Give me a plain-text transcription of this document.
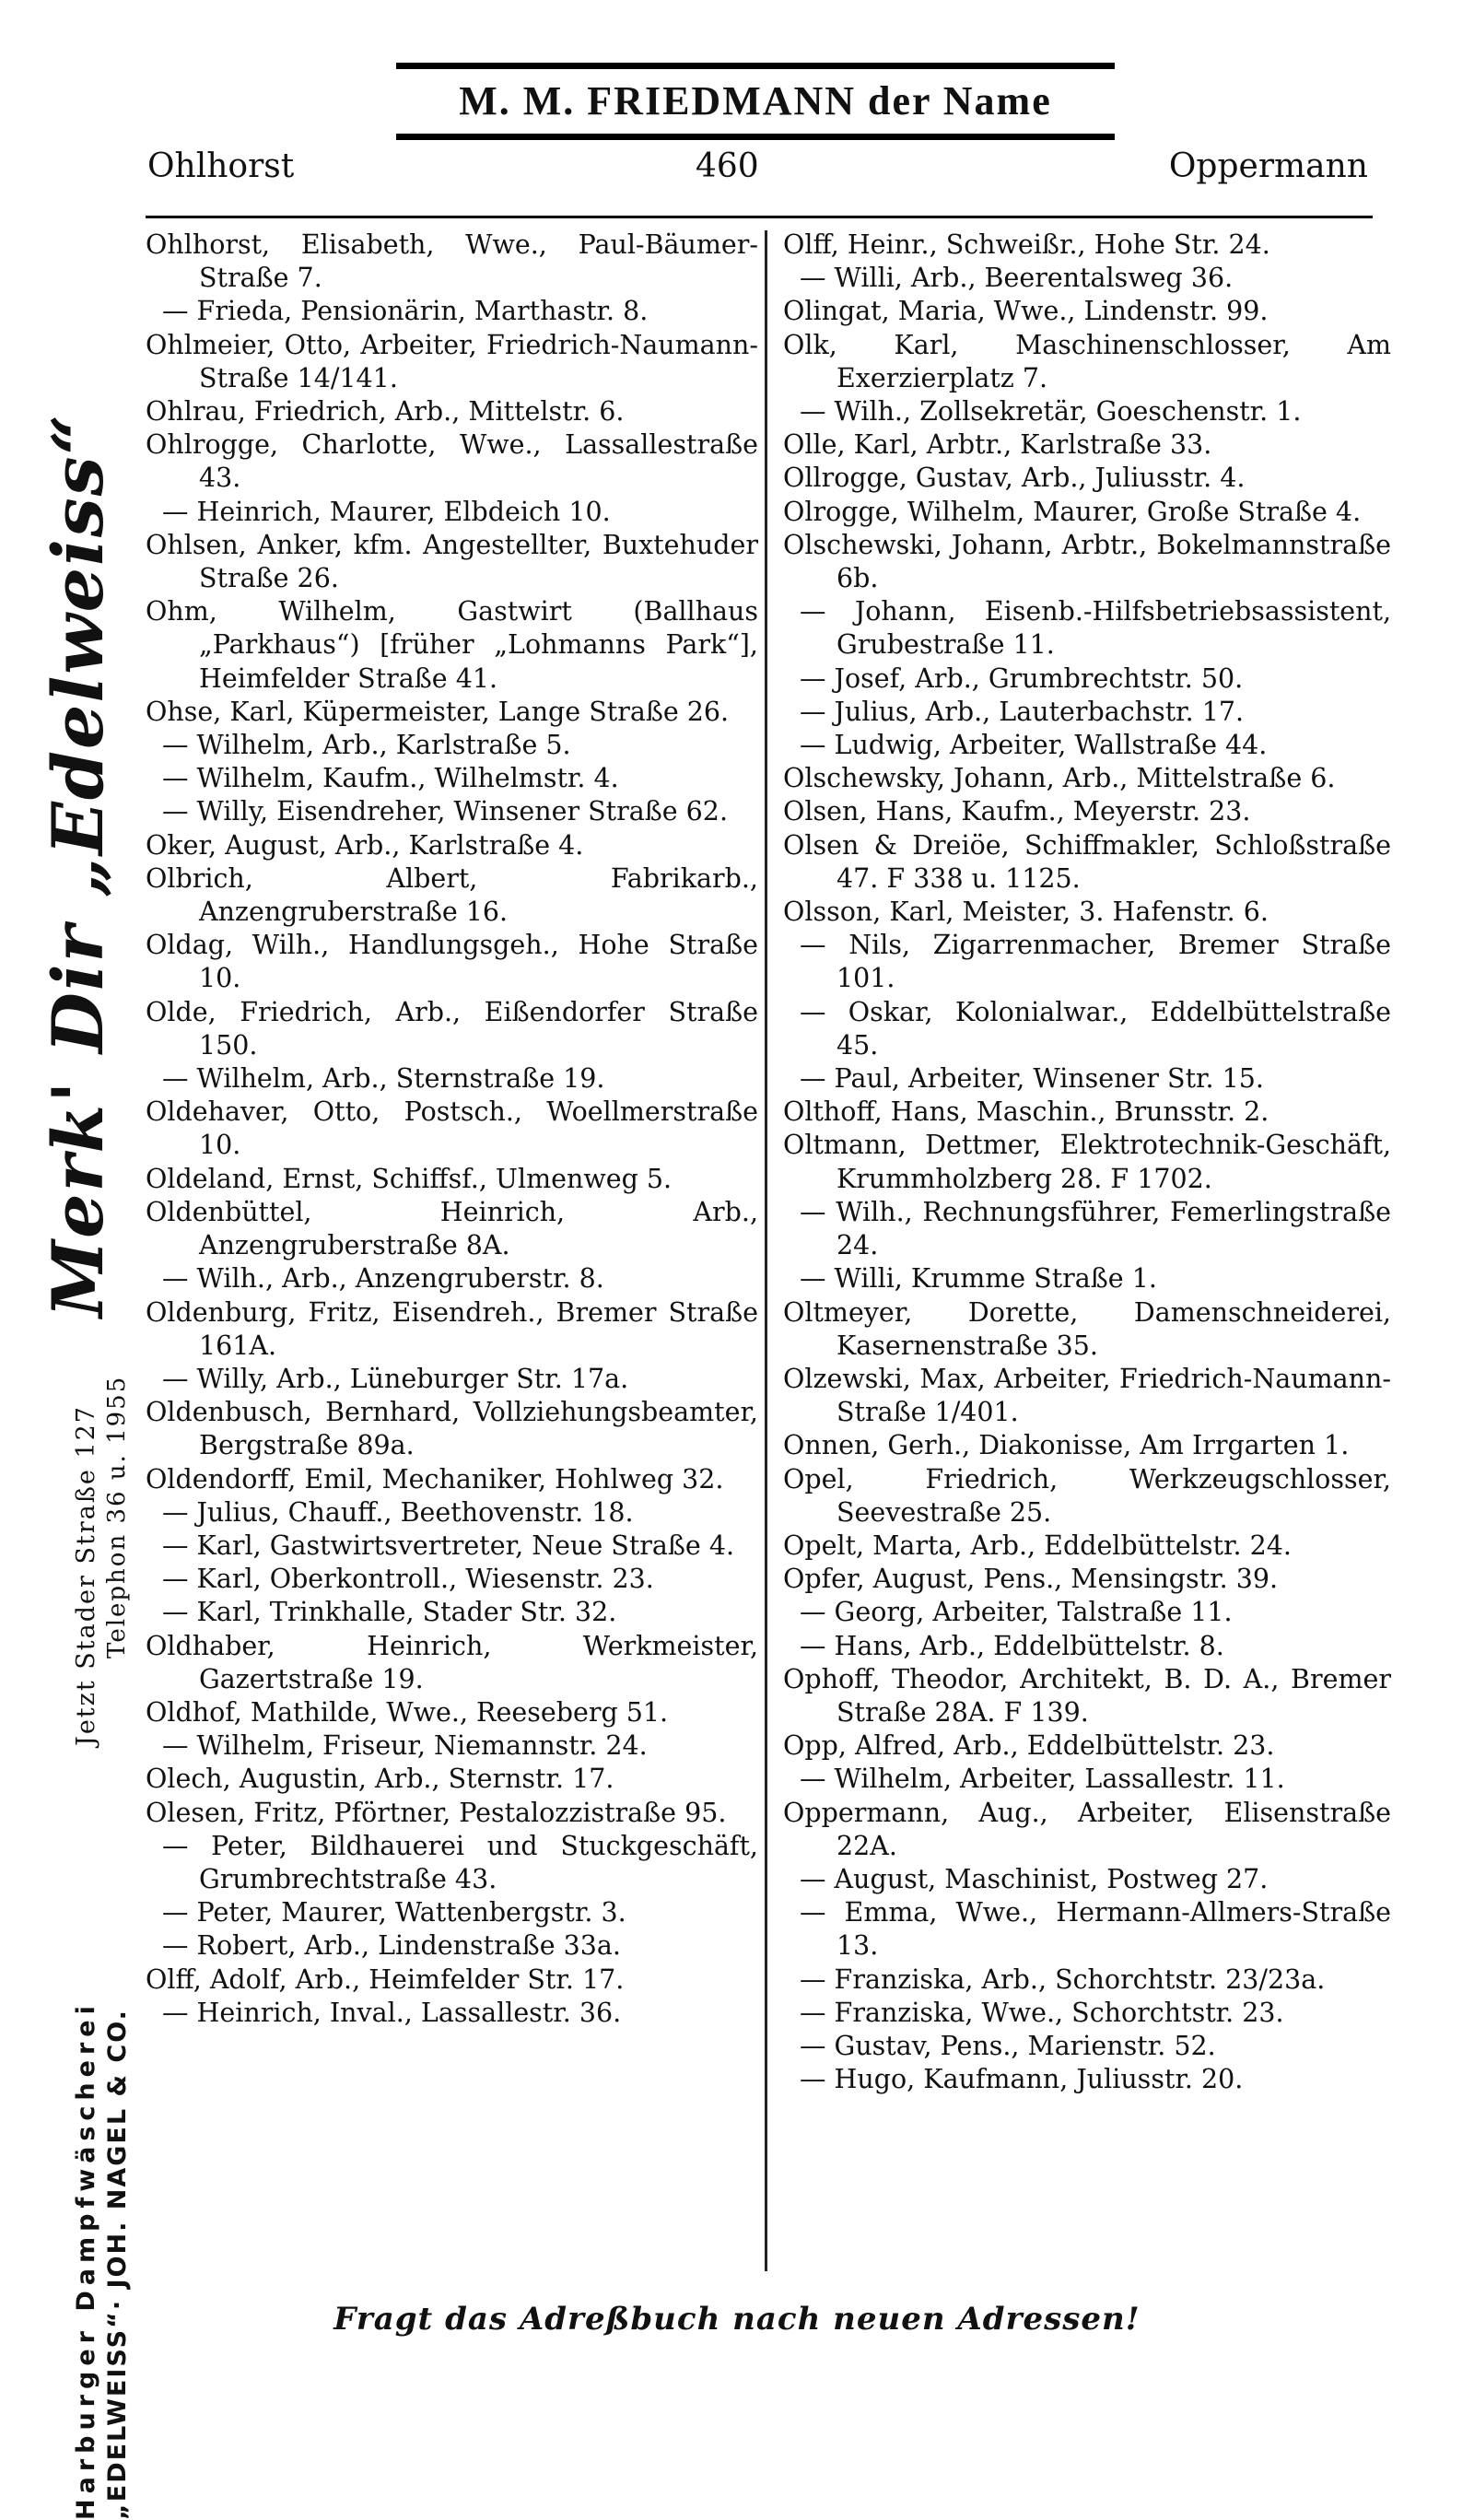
M. M. FRIEDMANN der Name
Ohlhorst	460	Oppermann
Harburger Dampfwäscherei „EDELWEISS“· JOH. NAGEL & CO.
Jetzt Stader Straße 127 Telephon 36 u. 1955
Merk' Dir „Edelweiss“

Ohlhorst, Elisabeth, Wwe., Paul-Bäumer-Straße 7.

— Frieda, Pensionärin, Marthastr. 8.

Ohlmeier, Otto, Arbeiter, Friedrich-Naumann-Straße 14/141.

Ohlrau, Friedrich, Arb., Mittelstr. 6.

Ohlrogge, Charlotte, Wwe., Lassallestraße 43.

— Heinrich, Maurer, Elbdeich 10.

Ohlsen, Anker, kfm. Angestellter, Buxtehuder Straße 26.

Ohm, Wilhelm, Gastwirt (Ballhaus „Parkhaus“) [früher „Lohmanns Park“], Heimfelder Straße 41.

Ohse, Karl, Küpermeister, Lange Straße 26.

— Wilhelm, Arb., Karlstraße 5.

— Wilhelm, Kaufm., Wilhelmstr. 4.

— Willy, Eisendreher, Winsener Straße 62.

Oker, August, Arb., Karlstraße 4.

Olbrich, Albert, Fabrikarb., Anzengruberstraße 16.

Oldag, Wilh., Handlungsgeh., Hohe Straße 10.

Olde, Friedrich, Arb., Eißendorfer Straße 150.

— Wilhelm, Arb., Sternstraße 19.

Oldehaver, Otto, Postsch., Woellmerstraße 10.

Oldeland, Ernst, Schiffsf., Ulmenweg 5.

Oldenbüttel, Heinrich, Arb., Anzengruberstraße 8A.

— Wilh., Arb., Anzengruberstr. 8.

Oldenburg, Fritz, Eisendreh., Bremer Straße 161A.

— Willy, Arb., Lüneburger Str. 17a.

Oldenbusch, Bernhard, Vollziehungsbeamter, Bergstraße 89a.

Oldendorff, Emil, Mechaniker, Hohlweg 32.

— Julius, Chauff., Beethovenstr. 18.

— Karl, Gastwirtsvertreter, Neue Straße 4.

— Karl, Oberkontroll., Wiesenstr. 23.

— Karl, Trinkhalle, Stader Str. 32.

Oldhaber, Heinrich, Werkmeister, Gazertstraße 19.

Oldhof, Mathilde, Wwe., Reeseberg 51.

— Wilhelm, Friseur, Niemannstr. 24.

Olech, Augustin, Arb., Sternstr. 17.

Olesen, Fritz, Pförtner, Pestalozzistraße 95.

— Peter, Bildhauerei und Stuckgeschäft, Grumbrechtstraße 43.

— Peter, Maurer, Wattenbergstr. 3.

— Robert, Arb., Lindenstraße 33a.

Olff, Adolf, Arb., Heimfelder Str. 17.

— Heinrich, Inval., Lassallestr. 36.

Olff, Heinr., Schweißr., Hohe Str. 24.

— Willi, Arb., Beerentalsweg 36.

Olingat, Maria, Wwe., Lindenstr. 99.

Olk, Karl, Maschinenschlosser, Am Exerzierplatz 7.

— Wilh., Zollsekretär, Goeschenstr. 1.

Olle, Karl, Arbtr., Karlstraße 33.

Ollrogge, Gustav, Arb., Juliusstr. 4.

Olrogge, Wilhelm, Maurer, Große Straße 4.

Olschewski, Johann, Arbtr., Bokelmannstraße 6b.

— Johann, Eisenb.-Hilfsbetriebsassistent, Grubestraße 11.

— Josef, Arb., Grumbrechtstr. 50.

— Julius, Arb., Lauterbachstr. 17.

— Ludwig, Arbeiter, Wallstraße 44.

Olschewsky, Johann, Arb., Mittelstraße 6.

Olsen, Hans, Kaufm., Meyerstr. 23.

Olsen & Dreiöe, Schiffmakler, Schloßstraße 47. F 338 u. 1125.

Olsson, Karl, Meister, 3. Hafenstr. 6.

— Nils, Zigarrenmacher, Bremer Straße 101.

— Oskar, Kolonialwar., Eddelbüttelstraße 45.

— Paul, Arbeiter, Winsener Str. 15.

Olthoff, Hans, Maschin., Brunsstr. 2.

Oltmann, Dettmer, Elektrotechnik-Geschäft, Krummholzberg 28. F 1702.

— Wilh., Rechnungsführer, Femerlingstraße 24.

— Willi, Krumme Straße 1.

Oltmeyer, Dorette, Damenschneiderei, Kasernenstraße 35.

Olzewski, Max, Arbeiter, Friedrich-Naumann-Straße 1/401.

Onnen, Gerh., Diakonisse, Am Irrgarten 1.

Opel, Friedrich, Werkzeugschlosser, Seevestraße 25.

Opelt, Marta, Arb., Eddelbüttelstr. 24.

Opfer, August, Pens., Mensingstr. 39.

— Georg, Arbeiter, Talstraße 11.

— Hans, Arb., Eddelbüttelstr. 8.

Ophoff, Theodor, Architekt, B. D. A., Bremer Straße 28A. F 139.

Opp, Alfred, Arb., Eddelbüttelstr. 23.

— Wilhelm, Arbeiter, Lassallestr. 11.

Oppermann, Aug., Arbeiter, Elisenstraße 22A.

— August, Maschinist, Postweg 27.

— Emma, Wwe., Hermann-Allmers-Straße 13.

— Franziska, Arb., Schorchtstr. 23/23a.

— Franziska, Wwe., Schorchtstr. 23.

— Gustav, Pens., Marienstr. 52.

— Hugo, Kaufmann, Juliusstr. 20.

Fragt das Adreßbuch nach neuen Adressen!
